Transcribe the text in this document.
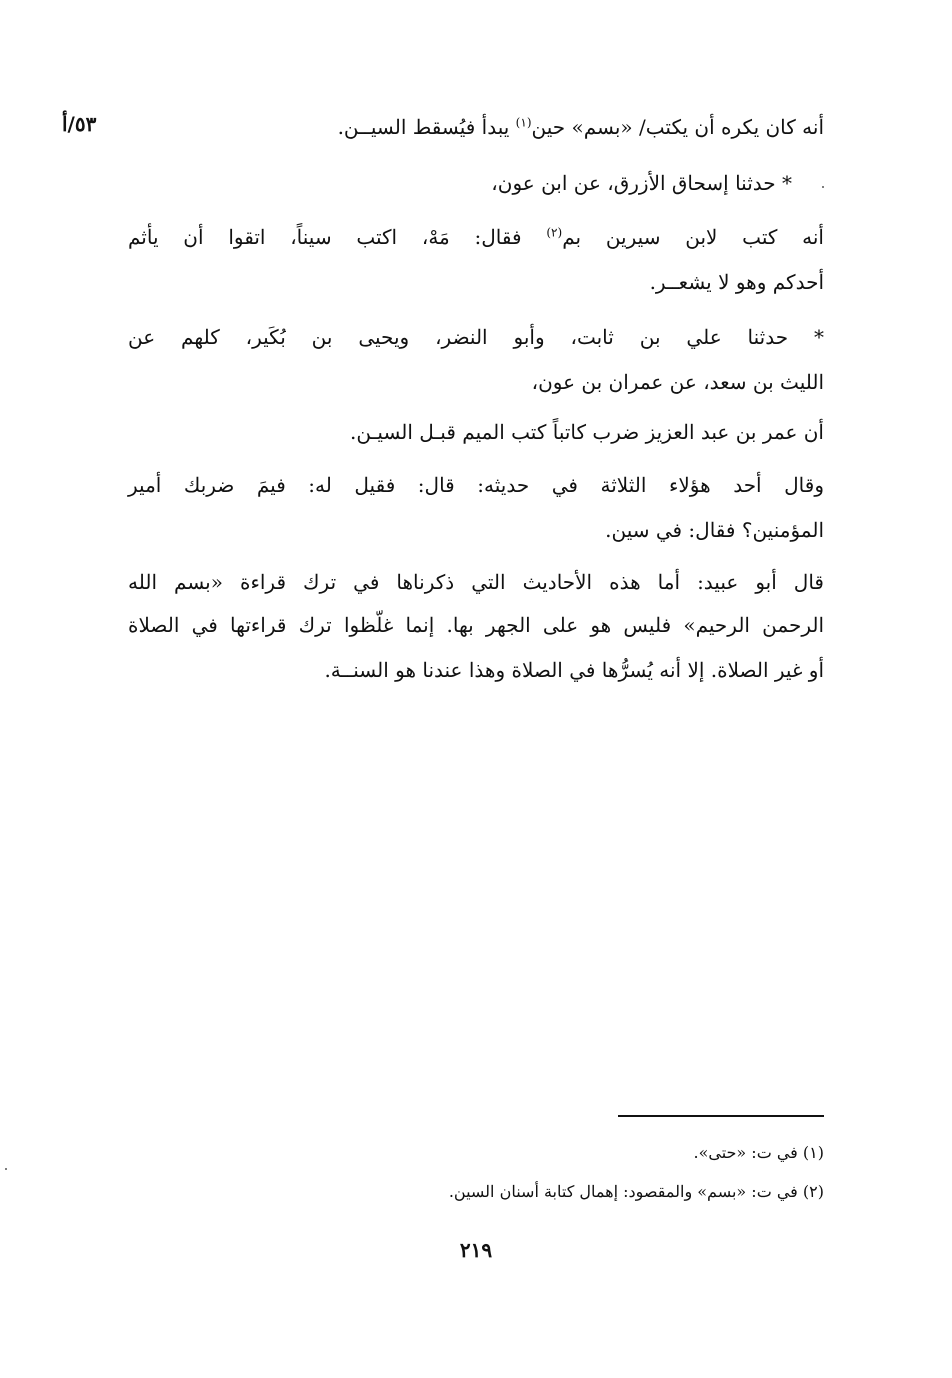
٥٣/أ	أنه كان يكره أن يكتب/ «بسم» حين$^{(١)}$ يبدأ فيُسقط السيــن.
* حدثنا إسحاق الأزرق، عن ابن عون،
أنه كتب لابن سيرين بم$^{(٢)}$ فقال: مَهْ، اكتب سيناً، اتقوا أن يأثم
أحدكم وهو لا يشعــر.
* حدثنا علي بن ثابت، وأبو النضر، ويحيى بن بُكَير، كلهم عن
الليث بن سعد، عن عمران بن عون،
أن عمر بن عبد العزيز ضرب كاتباً كتب الميم قبـل السيـن.
وقال أحد هؤلاء الثلاثة في حديثه: قال: فقيل له: فيمَ ضربك أمير
المؤمنين؟ فقال: في سين.
قال أبو عبيد: أما هذه الأحاديث التي ذكرناها في ترك قراءة «بسم الله
الرحمن الرحيم» فليس هو على الجهر بها. إنما غلّظوا ترك قراءتها في الصلاة
أو غير الصلاة. إلا أنه يُسرُّها في الصلاة وهذا عندنا هو السنــة.
(١) في ت: «حتى».
(٢) في ت: «بسم» والمقصود: إهمال كتابة أسنان السين.
٢١٩
